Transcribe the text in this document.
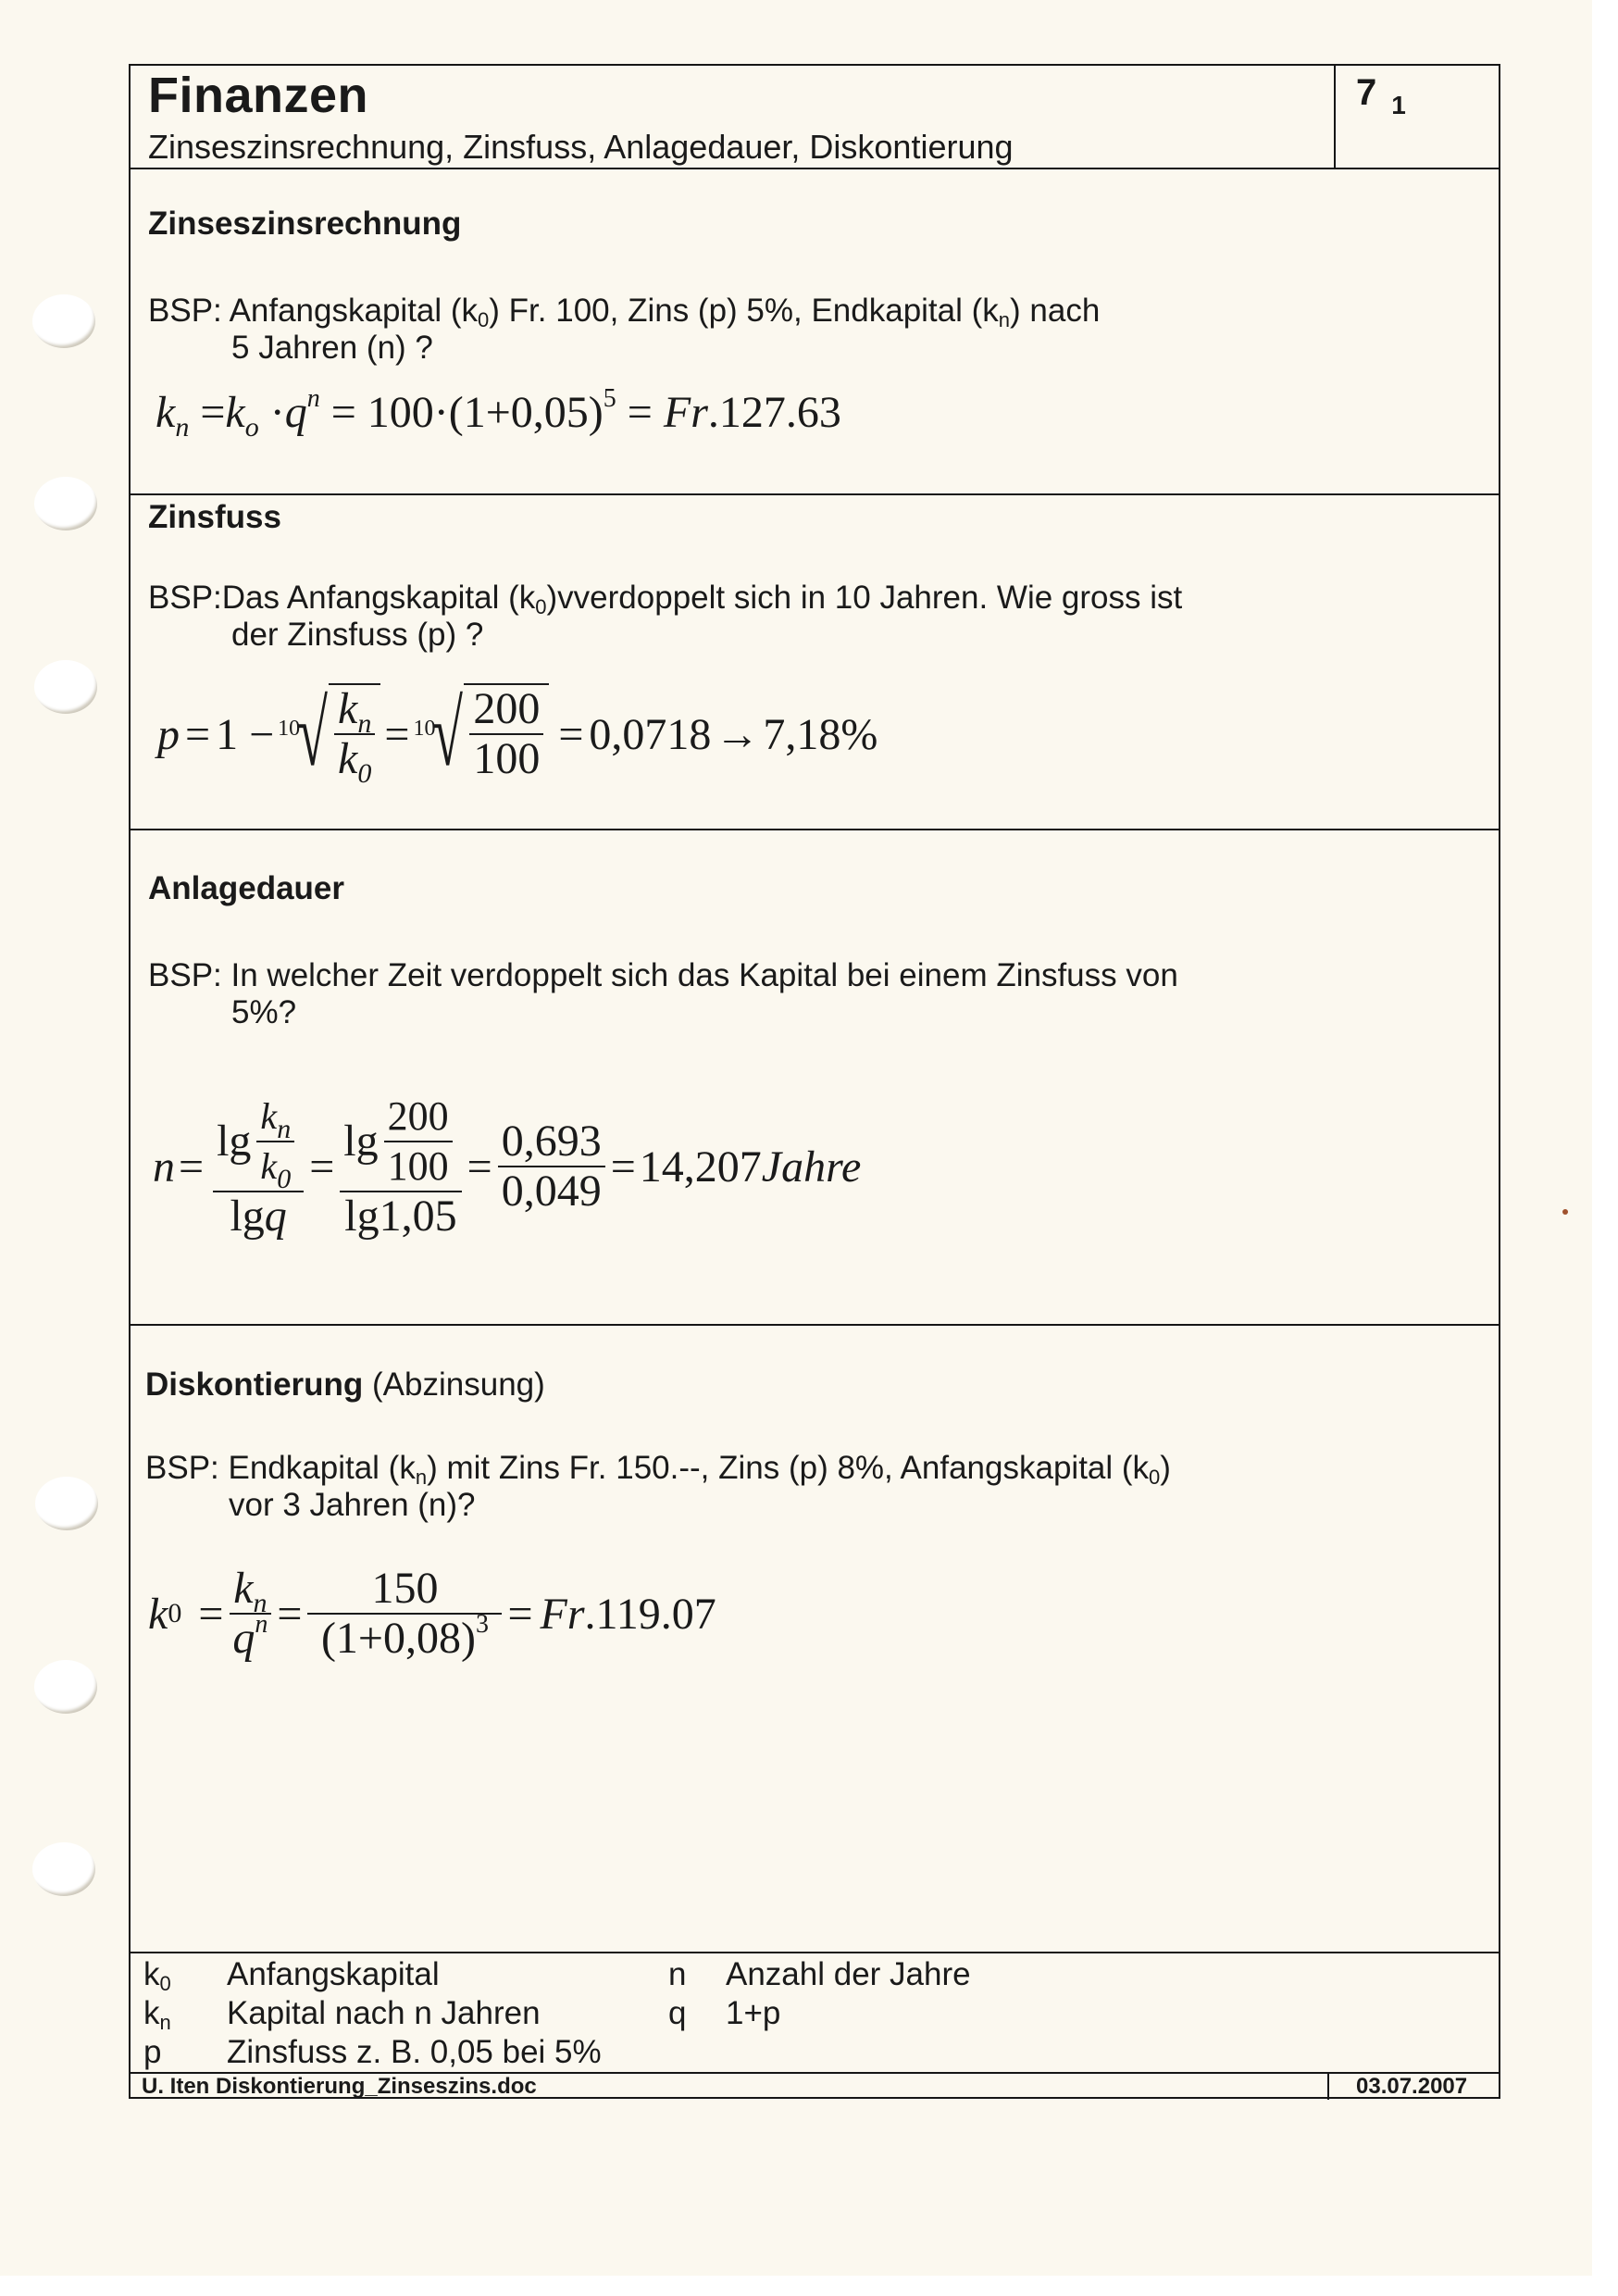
Finanzen
Zinseszinsrechnung, Zinsfuss, Anlagedauer, Diskontierung
7 $_1$
Zinseszinsrechnung
BSP: Anfangskapital $(k_0)$ Fr. 100, Zins (p) 5%, Endkapital $(k_n)$ nach
5 Jahren (n) ?
$k_n =k_o \cdot q^n = 100\cdot(1+0,05)^5 = Fr.127.63$
Zinsfuss
BSP:Das Anfangskapital $(k_0)vverdoppelt$ sich in 10 Jahren. Wie gross ist
der Zinsfuss (p) ?
p = 1 − 10
√ $\frac{k_n}{k_0} = 10$
√ $\frac{200}{100} = 0,0718 \to 7,18\%$
Anlagedauer
BSP: In welcher Zeit verdoppelt sich das Kapital bei einem Zinsfuss von
5%?
$n = \frac{\lg \frac{k_n}{k_0}}{\lg q} = \frac{\lg \frac{200}{100}}{\lg 1,05} = \frac{0,693}{0,049} = 14,207$ Jahre
Diskontierung (Abzinsung)
BSP: Endkapital $(k_n)$ mit Zins Fr. 150.--, Zins (p) 8%, Anfangskapital $(k_0)$
vor 3 Jahren (n)?
k $0 = \frac{k_n}{q^n} = \frac{150}{(1+0,08)^3} = Fr$ .119.07
$k_0$ Anfangskapital
$k_n$ Kapital nach n Jahren
p Zinsfuss z. B. 0,05 bei 5%
n Anzahl der Jahre
q 1+p
U. Iten Diskontierung_Zinseszins.doc	03.07.2007
